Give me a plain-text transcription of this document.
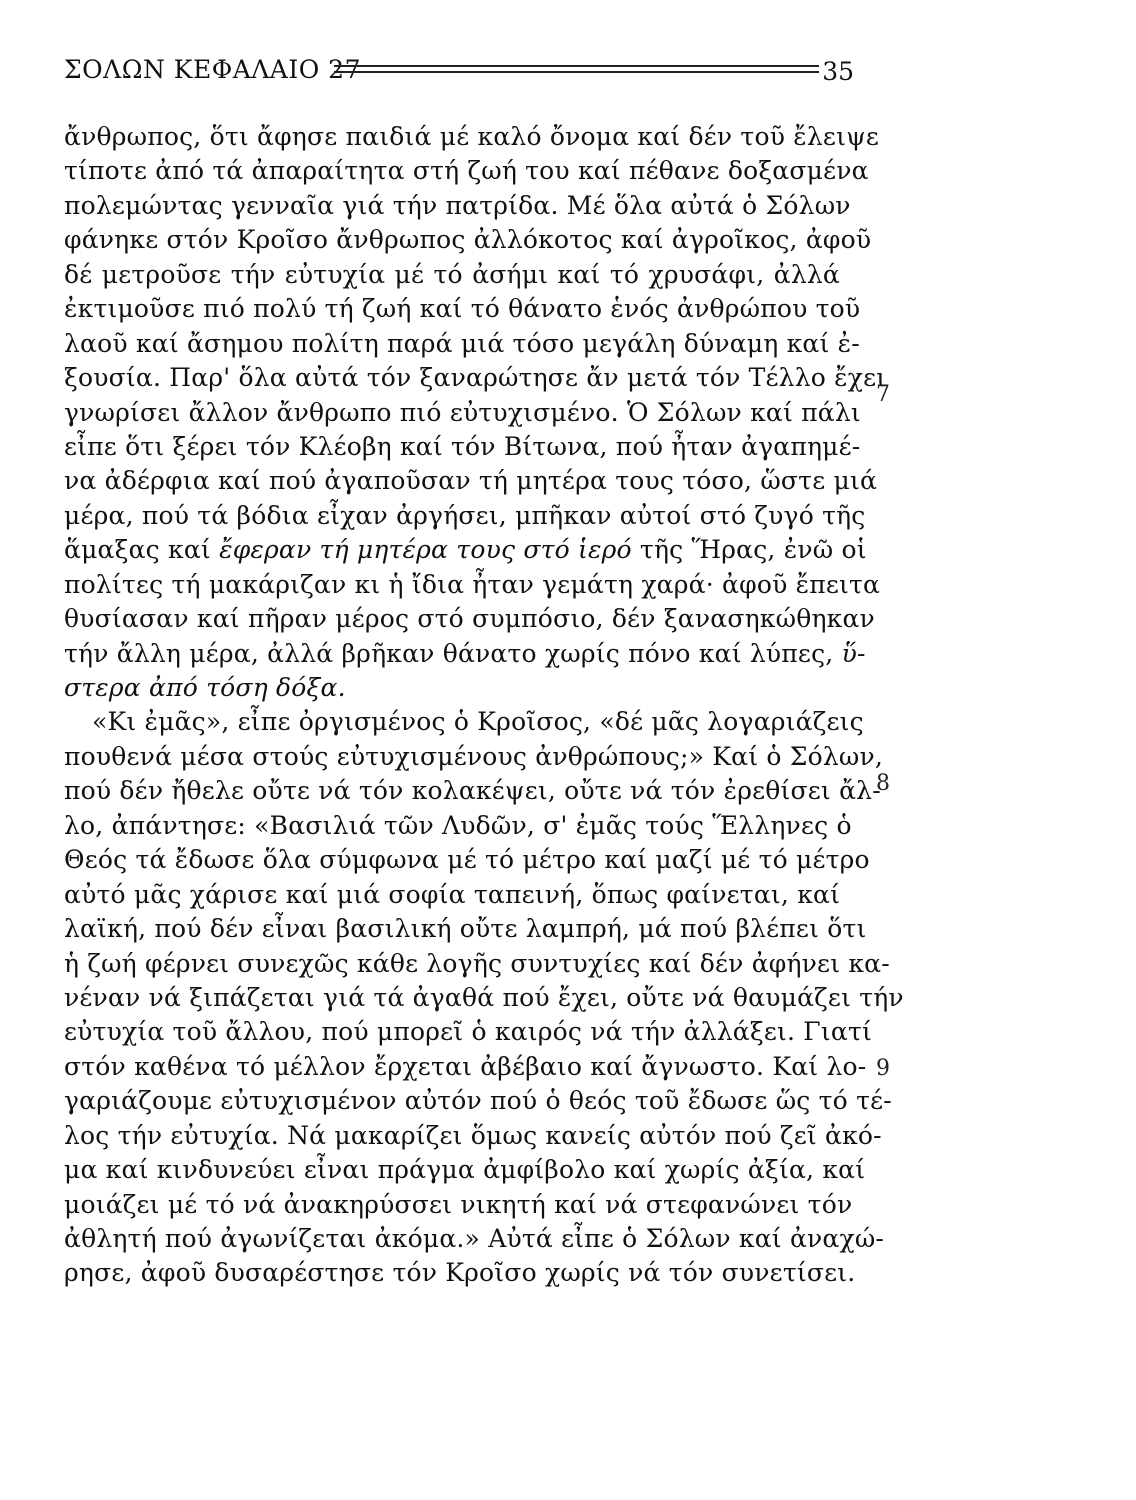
ΣΟΛΩΝ ΚΕΦΑΛΑΙΟ 27	35
ἄνθρωπος, ὅτι ἄφησε παιδιά μέ καλό ὄνομα καί δέν τοῦ ἔλειψε
τίποτε ἀπό τά ἀπαραίτητα στή ζωή του καί πέθανε δοξασμένα
πολεμώντας γενναῖα γιά τήν πατρίδα. Μέ ὅλα αὐτά ὁ Σόλων
φάνηκε στόν Κροῖσο ἄνθρωπος ἀλλόκοτος καί ἀγροῖκος, ἀφοῦ
δέ μετροῦσε τήν εὐτυχία μέ τό ἀσήμι καί τό χρυσάφι, ἀλλά
ἐκτιμοῦσε πιό πολύ τή ζωή καί τό θάνατο ἑνός ἀνθρώπου τοῦ
λαοῦ καί ἄσημου πολίτη παρά μιά τόσο μεγάλη δύναμη καί ἐ-
ξουσία. Παρ' ὅλα αὐτά τόν ξαναρώτησε ἄν μετά τόν Τέλλο ἔχει
γνωρίσει ἄλλον ἄνθρωπο πιό εὐτυχισμένο. Ὁ Σόλων καί πάλι
εἶπε ὅτι ξέρει τόν Κλέοβη καί τόν Βίτωνα, πού ἦταν ἀγαπημέ-
να ἀδέρφια καί πού ἀγαποῦσαν τή μητέρα τους τόσο, ὥστε μιά
μέρα, πού τά βόδια εἶχαν ἀργήσει, μπῆκαν αὐτοί στό ζυγό τῆς
ἅμαξας καί ἔφεραν τή μητέρα τους στό ἱερό τῆς Ἥρας, ἐνῶ οἱ
πολίτες τή μακάριζαν κι ἡ ἴδια ἦταν γεμάτη χαρά· ἀφοῦ ἔπειτα
θυσίασαν καί πῆραν μέρος στό συμπόσιο, δέν ξανασηκώθηκαν
τήν ἄλλη μέρα, ἀλλά βρῆκαν θάνατο χωρίς πόνο καί λύπες, ὕ-
στερα ἀπό τόση δόξα.
«Κι ἐμᾶς», εἶπε ὀργισμένος ὁ Κροῖσος, «δέ μᾶς λογαριάζεις
πουθενά μέσα στούς εὐτυχισμένους ἀνθρώπους;» Καί ὁ Σόλων,
πού δέν ἤθελε οὔτε νά τόν κολακέψει, οὔτε νά τόν ἐρεθίσει ἄλ-
λο, ἀπάντησε: «Βασιλιά τῶν Λυδῶν, σ' ἐμᾶς τούς Ἕλληνες ὁ
Θεός τά ἔδωσε ὅλα σύμφωνα μέ τό μέτρο καί μαζί μέ τό μέτρο
αὐτό μᾶς χάρισε καί μιά σοφία ταπεινή, ὅπως φαίνεται, καί
λαϊκή, πού δέν εἶναι βασιλική οὔτε λαμπρή, μά πού βλέπει ὅτι
ἡ ζωή φέρνει συνεχῶς κάθε λογῆς συντυχίες καί δέν ἀφήνει κα-
νέναν νά ξιπάζεται γιά τά ἀγαθά πού ἔχει, οὔτε νά θαυμάζει τήν
εὐτυχία τοῦ ἄλλου, πού μπορεῖ ὁ καιρός νά τήν ἀλλάξει. Γιατί
στόν καθένα τό μέλλον ἔρχεται ἀβέβαιο καί ἄγνωστο. Καί λο-
γαριάζουμε εὐτυχισμένον αὐτόν πού ὁ θεός τοῦ ἔδωσε ὥς τό τέ-
λος τήν εὐτυχία. Νά μακαρίζει ὅμως κανείς αὐτόν πού ζεῖ ἀκό-
μα καί κινδυνεύει εἶναι πράγμα ἀμφίβολο καί χωρίς ἀξία, καί
μοιάζει μέ τό νά ἀνακηρύσσει νικητή καί νά στεφανώνει τόν
ἀθλητή πού ἀγωνίζεται ἀκόμα.» Αὐτά εἶπε ὁ Σόλων καί ἀναχώ-
ρησε, ἀφοῦ δυσαρέστησε τόν Κροῖσο χωρίς νά τόν συνετίσει.
7
8
9
